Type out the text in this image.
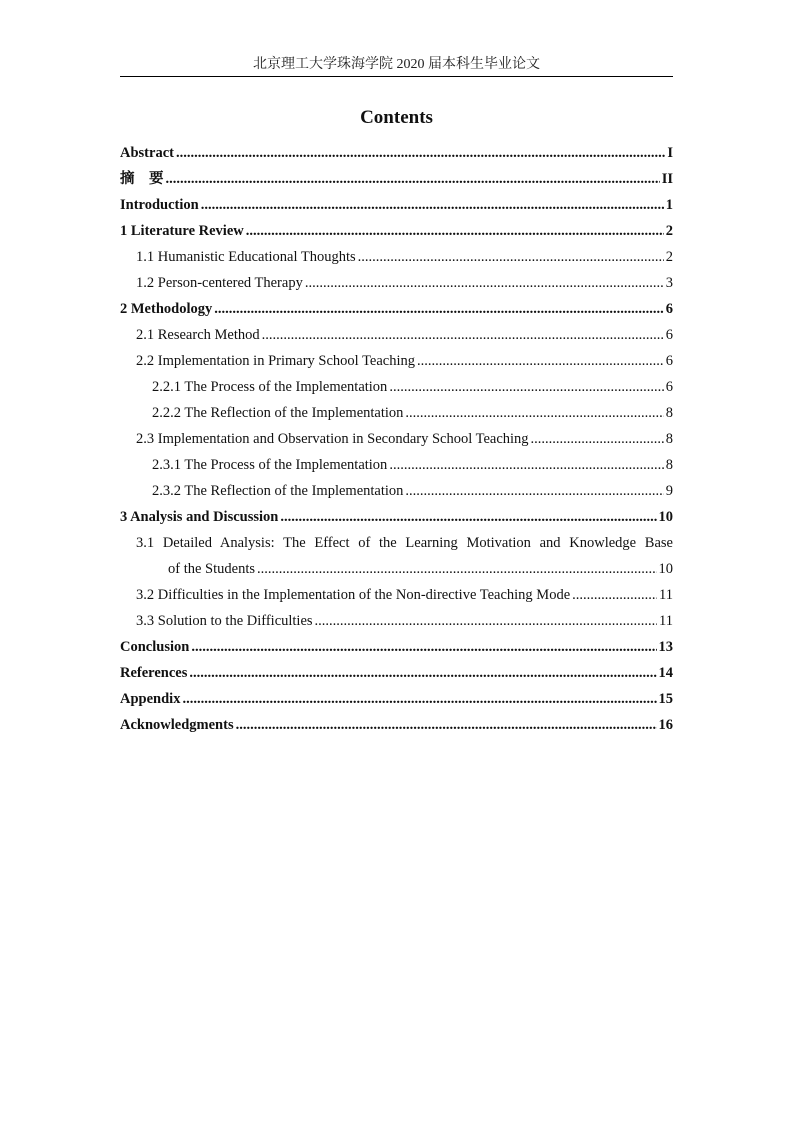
北京理工大学珠海学院 2020 届本科生毕业论文
Contents
Abstract .....	I
摘　要 .....	II
Introduction .....	1
1 Literature Review .....	2
1.1 Humanistic Educational Thoughts .....	2
1.2 Person-centered Therapy .....	3
2 Methodology .....	6
2.1 Research Method .....	6
2.2 Implementation in Primary School Teaching .....	6
2.2.1 The Process of the Implementation .....	6
2.2.2 The Reflection of the Implementation .....	8
2.3 Implementation and Observation in Secondary School Teaching .....	8
2.3.1 The Process of the Implementation .....	8
2.3.2 The Reflection of the Implementation .....	9
3 Analysis and Discussion .....	10
3.1 Detailed Analysis: The Effect of the Learning Motivation and Knowledge Base
of the Students .....	10
3.2 Difficulties in the Implementation of the Non-directive Teaching Mode .....	11
3.3 Solution to the Difficulties .....	11
Conclusion .....	13
References .....	14
Appendix .....	15
Acknowledgments .....	16
